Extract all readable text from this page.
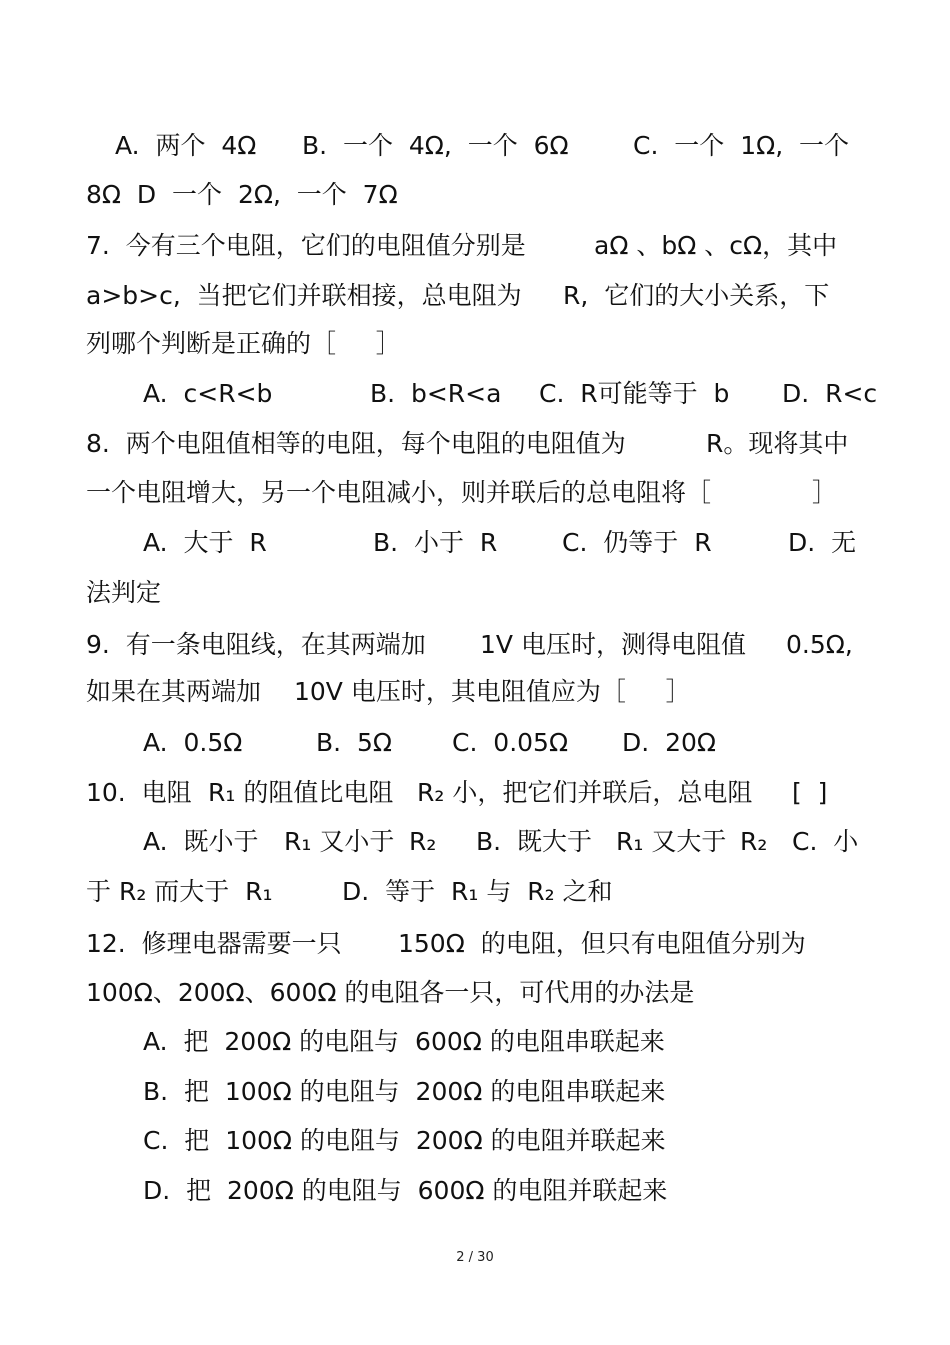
A.  两个  4Ω

B.  一个  4Ω,  一个  6Ω

	C.  一个  1Ω,  一个

8Ω  D  一个  2Ω,  一个  7Ω

7.  今有三个电阻，它们的电阻值分别是

	aΩ 、bΩ 、cΩ，其中

a>b>c,  当把它们并联相接，总电阻为

R,  它们的大小关系，下

列哪个判断是正确的［     ］

A.  c<R<b

	B.  b<R<a

C.  R可能等于  b

D.  R<c

8.  两个电阻值相等的电阻，每个电阻的电阻值为

	R。现将其中

一个电阻增大，另一个电阻减小，则并联后的总电阻将［

	］

A.  大于  R

	B.  小于  R

	C.  仍等于  R

	D.  无

法判定

9.  有一条电阻线，在其两端加

1V 电压时，测得电阻值

0.5Ω,

如果在其两端加

10V 电压时，其电阻值应为［     ］

A.  0.5Ω

	B.  5Ω

C.  0.05Ω

D.  20Ω

10.  电阻

R₁ 的阻值比电阻

R₂ 小，把它们并联后，总电阻

[  ]

A.  既小于

R₁ 又小于

R₂

B.  既大于

R₁ 又大于

R₂

C.  小

于 R₂ 而大于  R₁

	D.  等于  R₁ 与  R₂ 之和

12.  修理电器需要一只

150Ω  的电阻，但只有电阻值分别为

100Ω、200Ω、600Ω 的电阻各一只，可代用的办法是

A.  把  200Ω 的电阻与  600Ω 的电阻串联起来

B.  把  100Ω 的电阻与  200Ω 的电阻串联起来

C.  把  100Ω 的电阻与  200Ω 的电阻并联起来

D.  把  200Ω 的电阻与  600Ω 的电阻并联起来

2 / 30
